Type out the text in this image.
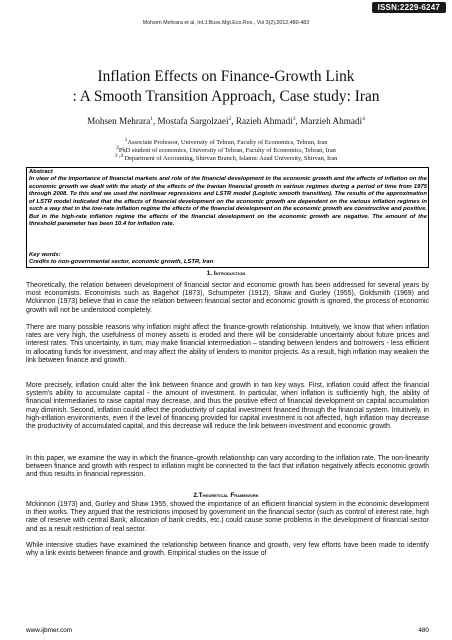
ISSN:2229-6247
Mohsen Mehrara et al, Int.J.Buss.Mgt.Eco.Res., Vol 3(2),2012,480-483
Inflation Effects on Finance-Growth Link
: A Smooth Transition Approach, Case study: Iran
Mohsen Mehrara$^1$, Mostafa Sargolzaei$^2$, Razieh Ahmadi$^3$, Marzieh Ahmadi$^4$
$^1$Associate Professor, University of Tehran, Faculty of Economics, Tehran, Iran
$^2$PhD student of economics, University of Tehran, Faculty of Economics, Tehran, Iran
$^{3 ,4}$ Department of Accounting, Shirvan Branch, Islamic Azad University, Shirvan, Iran
Abstract
In view of the importance of financial markets and role of the financial development in the economic growth and the effects of inflation on the economic growth we dealt with the study of the effects of the Iranian financial growth in various regimes during a period of time from 1975 through 2008. To this end we used the nonlinear regressions and LSTR model (Logistic smooth transition). The results of the approximation of LSTR model indicated that the effects of financial development on the economic growth are dependent on the various inflation regimes in such a way that in the low-rate inflation regime the effects of the financial development on the economic growth are constructive and positive. But in the high-rate inflation regime the effects of the financial development on the economic growth are negative. The amount of the threshold parameter has been 10.4 for inflation rate.
Key words:
Credits to non-governmental sector, economic growth, LSTR, Iran
1. Introduction
Theoretically, the relation between development of financial sector and economic growth has been addressed for several years by most economists. Economists such as Bagehot (1873), Schumpeter (1912), Shaw and Gurley (1955), Goldsmith (1969) and Mckinnon (1973) believe that in case the relation between financial sector and economic growth is ignored, the process of economic growth will not be understood completely.
There are many possible reasons why inflation might affect the finance-growth relationship. Intuitively, we know that when inflation rates are very high, the usefulness of money assets is eroded and there will be considerable uncertainty about future prices and interest rates. This uncertainty, in turn, may make financial intermediation – standing between lenders and borrowers - less efficient in allocating funds for investment, and may affect the ability of lenders to monitor projects. As a result, high inflation may weaken the link between finance and growth.
More precisely, inflation could alter the link between finance and growth in two key ways. First, inflation could affect the financial system's ability to accumulate capital - the amount of investment. In particular, when inflation is sufficiently high, the ability of financial intermediaries to raise capital may decrease, and thus the positive effect of financial development on capital accumulation may diminish. Second, inflation could affect the productivity of capital investment financed through the financial system. Intuitively, in high-inflation environments, even if the level of financing provided for capital investment is not affected, high inflation may decrease the productivity of accumulated capital, and this decrease will reduce the link between investment and economic growth.
In this paper, we examine the way in which the finance–growth relationship can vary according to the inflation rate. The non-linearity between finance and growth with respect to inflation might be connected to the fact that inflation negatively affects economic growth and thus results in financial repression.
2.Theoretical Framework
Mckinnon (1973) and, Gurley and Shaw 1955, showed the importance of an efficient financial system in the economic development in their works. They argued that the restrictions imposed by government on the financial sector (such as control of interest rate, high rate of reserve with central Bank, allocation of bank credits, etc.) could cause some problems in the development of financial sector and as a result restriction of real sector.
While intensive studies have examined the relationship between finance and growth, very few efforts have been made to identify why a link exists between finance and growth. Empirical studies on the issue of
www.ijbmer.com	480
